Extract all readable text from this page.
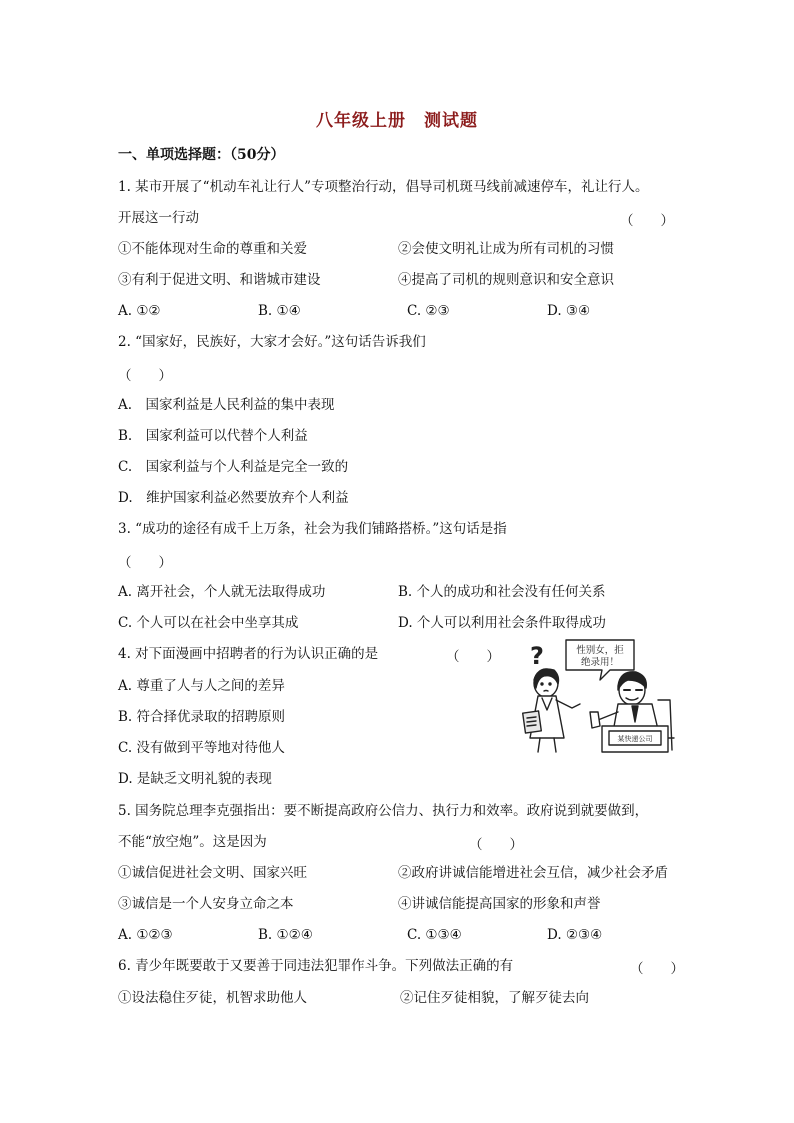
八年级上册　测试题
一、单项选择题：（50分）
1. 某市开展了“机动车礼让行人”专项整治行动，倡导司机斑马线前减速停车，礼让行人。
开展这一行动	（　　）
①不能体现对生命的尊重和关爱	②会使文明礼让成为所有司机的习惯
③有利于促进文明、和谐城市建设	④提高了司机的规则意识和安全意识
A. ①②	B. ①④	C. ②③	D. ③④
2. “国家好，民族好，大家才会好。”这句话告诉我们
（　　）
A.　国家利益是人民利益的集中表现
B.　国家利益可以代替个人利益
C.　国家利益与个人利益是完全一致的
D.　维护国家利益必然要放弃个人利益
3. “成功的途径有成千上万条，社会为我们铺路搭桥。”这句话是指
（　　）
A. 离开社会，个人就无法取得成功	B. 个人的成功和社会没有任何关系
C. 个人可以在社会中坐享其成	D. 个人可以利用社会条件取得成功
4. 对下面漫画中招聘者的行为认识正确的是	（　　）
A. 尊重了人与人之间的差异
B. 符合择优录取的招聘原则
C. 没有做到平等地对待他人
D. 是缺乏文明礼貌的表现
?	性别女，拒
绝录用！
某快递公司
5. 国务院总理李克强指出：要不断提高政府公信力、执行力和效率。政府说到就要做到，
不能“放空炮”。这是因为	（　　）
①诚信促进社会文明、国家兴旺	②政府讲诚信能增进社会互信，减少社会矛盾
③诚信是一个人安身立命之本	④讲诚信能提高国家的形象和声誉
A. ①②③	B. ①②④	C. ①③④	D. ②③④
6. 青少年既要敢于又要善于同违法犯罪作斗争。下列做法正确的有	（　　）
①设法稳住歹徒，机智求助他人	②记住歹徒相貌，了解歹徒去向
